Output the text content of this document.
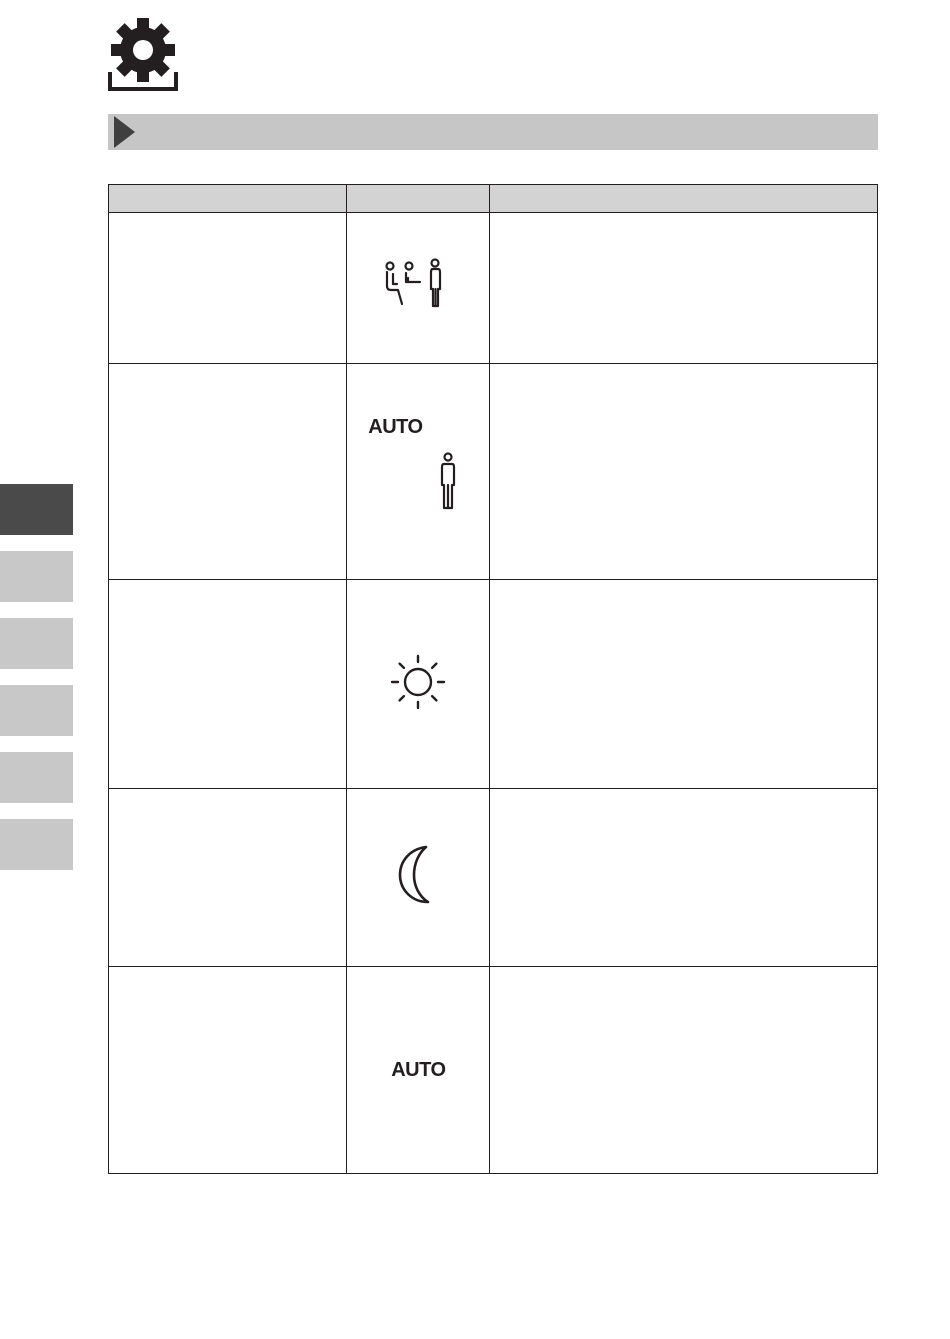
	AUTO	

	AUTO	
